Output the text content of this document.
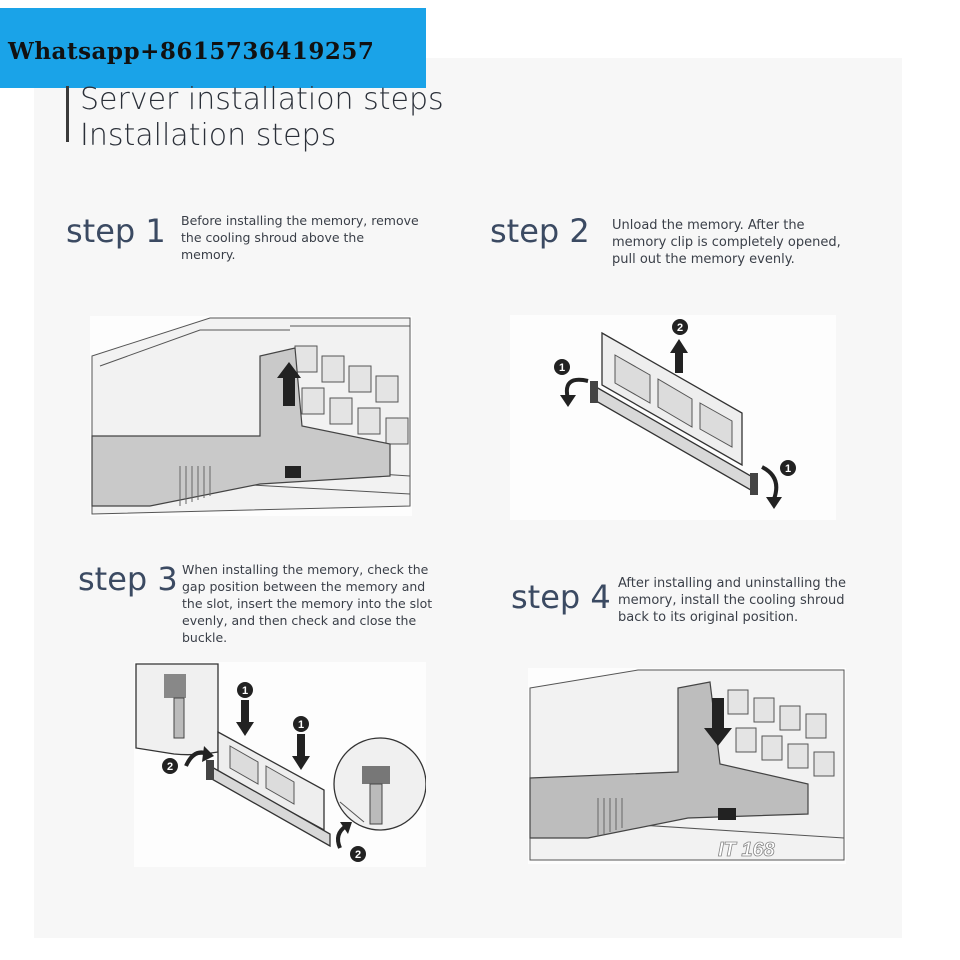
Whatsapp+8615736419257
Server installation steps
Installation steps
step 1 Before installing the memory, remove the cooling shroud above the memory.
step 2 Unload the memory. After the memory clip is completely opened, pull out the memory evenly.
step 3 When installing the memory, check the gap position between the memory and the slot, insert the memory into the slot evenly, and then check and close the buckle.
step 4 After installing and uninstalling the memory, install the cooling shroud back to its original position.
2
1
1
1
1
2
2	IT 168
